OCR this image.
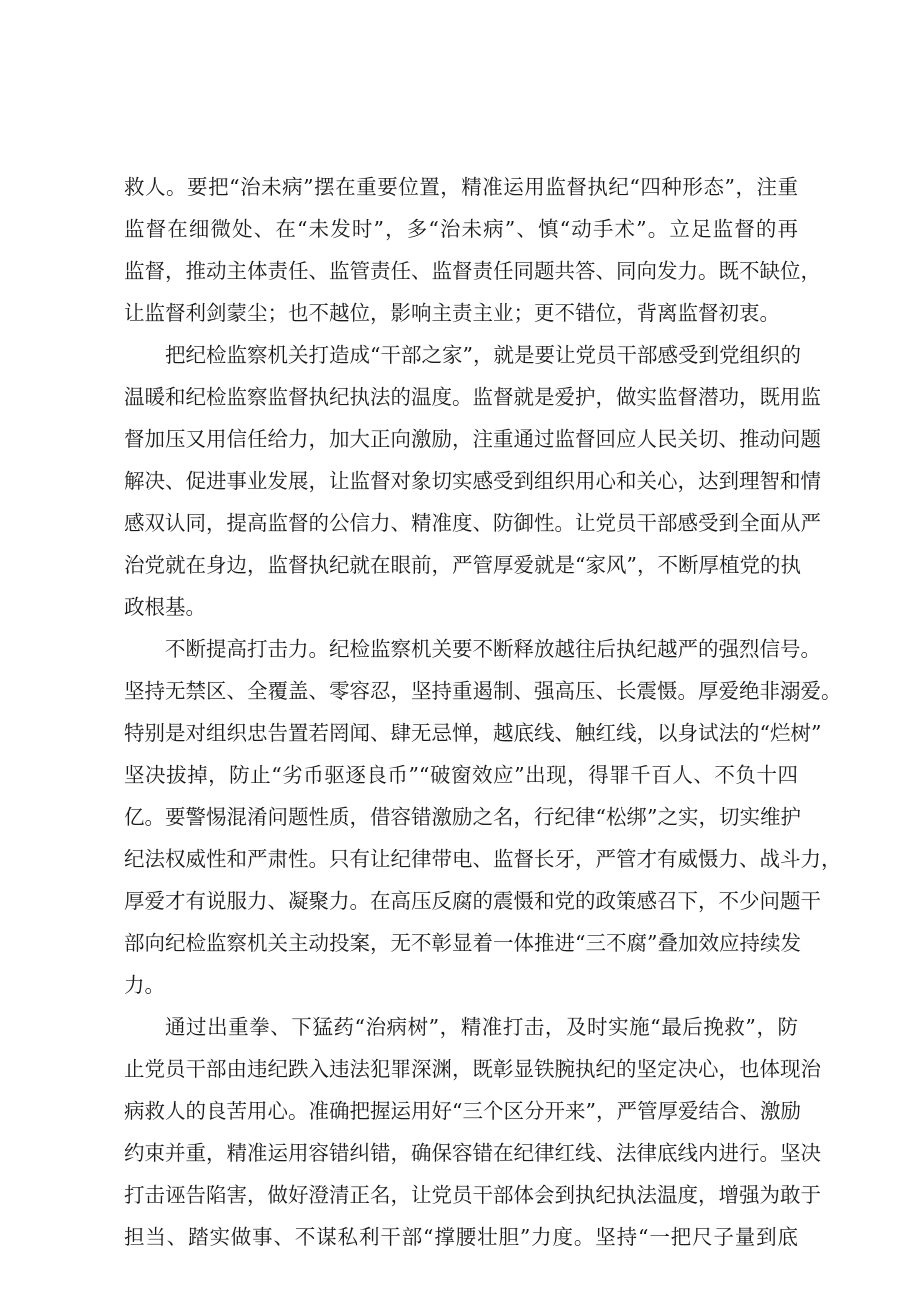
救人。要把“治未病”摆在重要位置，精准运用监督执纪“四种形态”，注重
监督在细微处、在“未发时”，多“治未病”、慎“动手术”。立足监督的再
监督，推动主体责任、监管责任、监督责任同题共答、同向发力。既不缺位，
让监督利剑蒙尘；也不越位，影响主责主业；更不错位，背离监督初衷。
把纪检监察机关打造成“干部之家”，就是要让党员干部感受到党组织的
温暖和纪检监察监督执纪执法的温度。监督就是爱护，做实监督潜功，既用监
督加压又用信任给力，加大正向激励，注重通过监督回应人民关切、推动问题
解决、促进事业发展，让监督对象切实感受到组织用心和关心，达到理智和情
感双认同，提高监督的公信力、精准度、防御性。让党员干部感受到全面从严
治党就在身边，监督执纪就在眼前，严管厚爱就是“家风”，不断厚植党的执
政根基。
不断提高打击力。纪检监察机关要不断释放越往后执纪越严的强烈信号。
坚持无禁区、全覆盖、零容忍，坚持重遏制、强高压、长震慑。厚爱绝非溺爱。
特别是对组织忠告置若罔闻、肆无忌惮，越底线、触红线，以身试法的“烂树”
坚决拔掉，防止“劣币驱逐良币”“破窗效应”出现，得罪千百人、不负十四
亿。要警惕混淆问题性质，借容错激励之名，行纪律“松绑”之实，切实维护
纪法权威性和严肃性。只有让纪律带电、监督长牙，严管才有威慑力、战斗力，
厚爱才有说服力、凝聚力。在高压反腐的震慑和党的政策感召下，不少问题干
部向纪检监察机关主动投案，无不彰显着一体推进“三不腐”叠加效应持续发
力。
通过出重拳、下猛药“治病树”，精准打击，及时实施“最后挽救”，防
止党员干部由违纪跌入违法犯罪深渊，既彰显铁腕执纪的坚定决心，也体现治
病救人的良苦用心。准确把握运用好“三个区分开来”，严管厚爱结合、激励
约束并重，精准运用容错纠错，确保容错在纪律红线、法律底线内进行。坚决
打击诬告陷害，做好澄清正名，让党员干部体会到执纪执法温度，增强为敢于
担当、踏实做事、不谋私利干部“撑腰壮胆”力度。坚持“一把尺子量到底
